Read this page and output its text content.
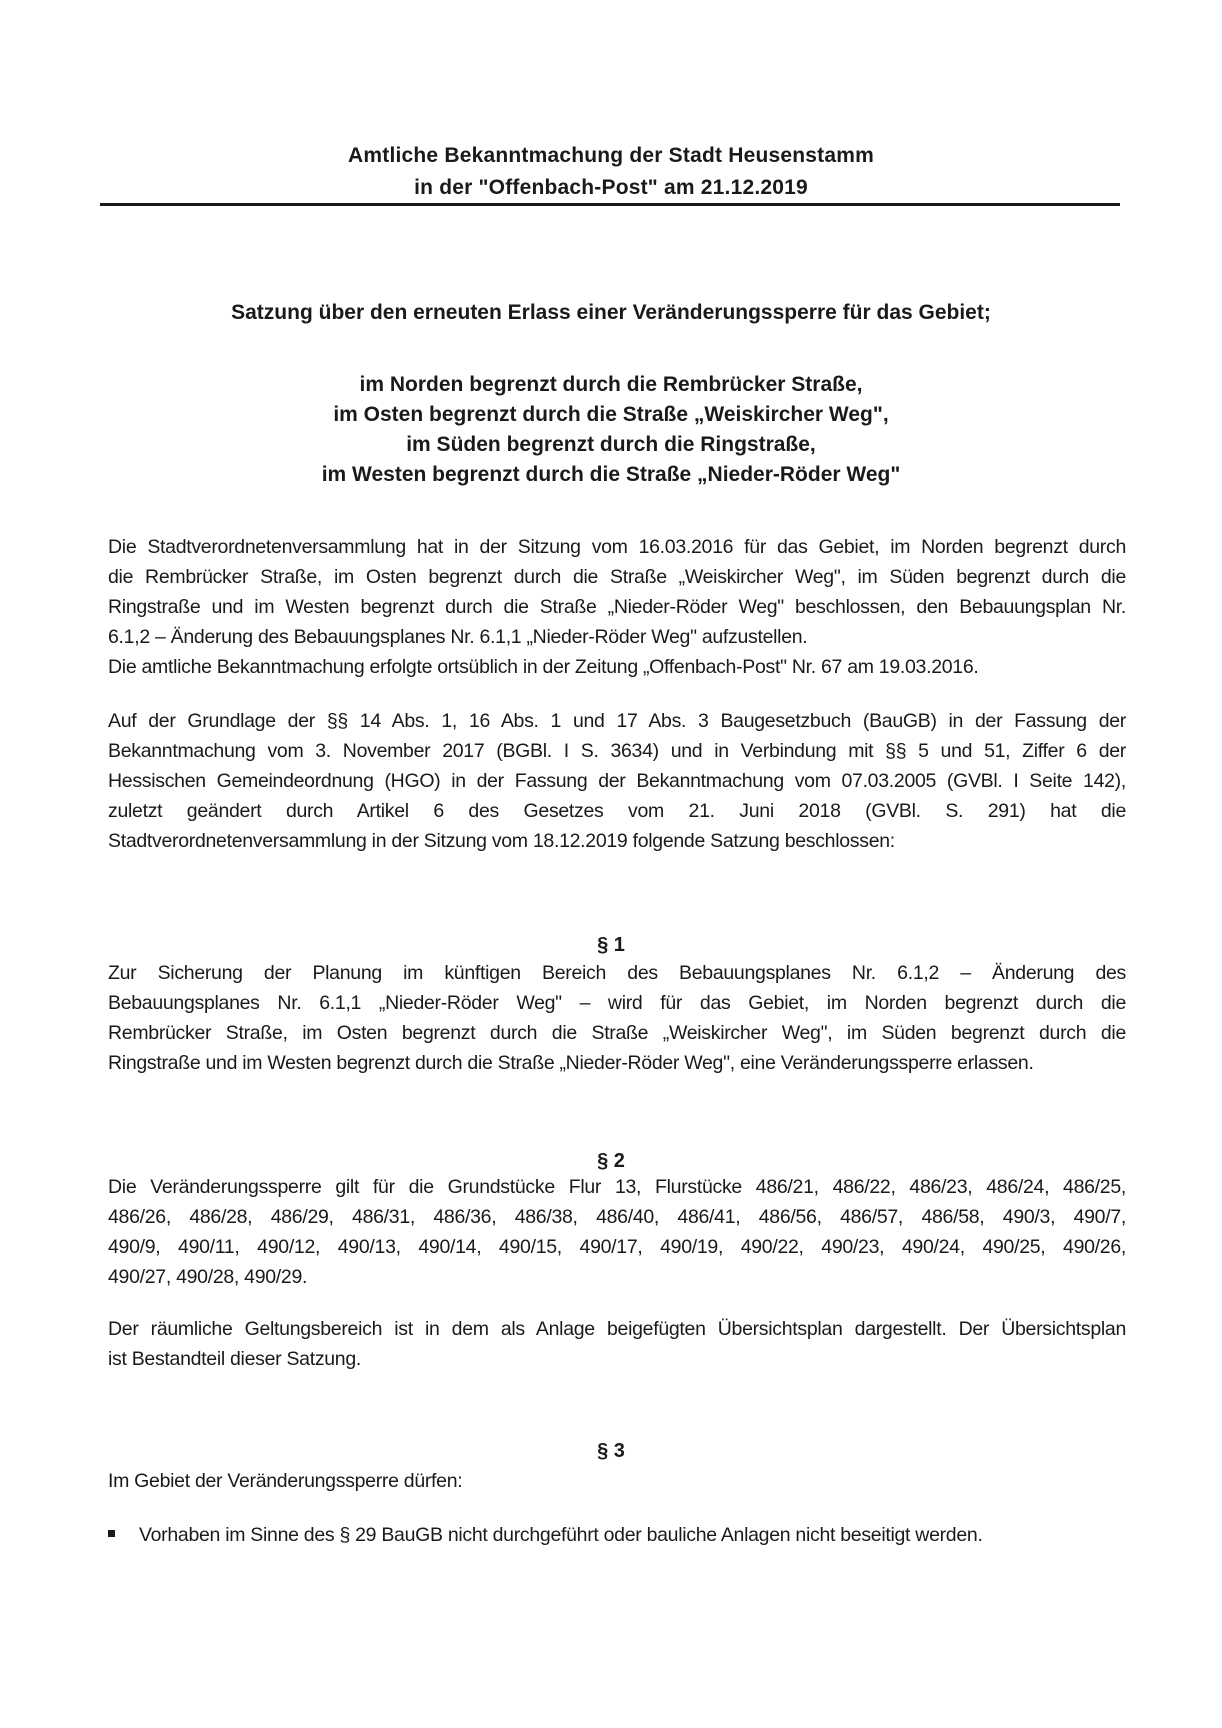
Amtliche Bekanntmachung der Stadt Heusenstamm
in der "Offenbach-Post" am 21.12.2019
Satzung über den erneuten Erlass einer Veränderungssperre für das Gebiet;
im Norden begrenzt durch die Rembrücker Straße,
im Osten begrenzt durch die Straße „Weiskircher Weg",
im Süden begrenzt durch die Ringstraße,
im Westen begrenzt durch die Straße „Nieder-Röder Weg"
Die Stadtverordnetenversammlung hat in der Sitzung vom 16.03.2016 für das Gebiet, im Norden begrenzt durch
die Rembrücker Straße, im Osten begrenzt durch die Straße „Weiskircher Weg", im Süden begrenzt durch die
Ringstraße und im Westen begrenzt durch die Straße „Nieder-Röder Weg" beschlossen, den Bebauungsplan Nr.
6.1,2 – Änderung des Bebauungsplanes Nr. 6.1,1 „Nieder-Röder Weg" aufzustellen.
Die amtliche Bekanntmachung erfolgte ortsüblich in der Zeitung „Offenbach-Post" Nr. 67 am 19.03.2016.
Auf der Grundlage der §§ 14 Abs. 1, 16 Abs. 1 und 17 Abs. 3 Baugesetzbuch (BauGB) in der Fassung der
Bekanntmachung vom 3. November 2017 (BGBl. I S. 3634) und in Verbindung mit §§ 5 und 51, Ziffer 6 der
Hessischen Gemeindeordnung (HGO) in der Fassung der Bekanntmachung vom 07.03.2005 (GVBl. I Seite 142),
zuletzt geändert durch Artikel 6 des Gesetzes vom 21. Juni 2018 (GVBl. S. 291) hat die
Stadtverordnetenversammlung in der Sitzung vom 18.12.2019 folgende Satzung beschlossen:
§ 1
Zur Sicherung der Planung im künftigen Bereich des Bebauungsplanes Nr. 6.1,2 – Änderung des
Bebauungsplanes Nr. 6.1,1 „Nieder-Röder Weg" – wird für das Gebiet, im Norden begrenzt durch die
Rembrücker Straße, im Osten begrenzt durch die Straße „Weiskircher Weg", im Süden begrenzt durch die
Ringstraße und im Westen begrenzt durch die Straße „Nieder-Röder Weg", eine Veränderungssperre erlassen.
§ 2
Die Veränderungssperre gilt für die Grundstücke Flur 13, Flurstücke 486/21, 486/22, 486/23, 486/24, 486/25,
486/26, 486/28, 486/29, 486/31, 486/36, 486/38, 486/40, 486/41, 486/56, 486/57, 486/58, 490/3, 490/7,
490/9, 490/11, 490/12, 490/13, 490/14, 490/15, 490/17, 490/19, 490/22, 490/23, 490/24, 490/25, 490/26,
490/27, 490/28, 490/29.
Der räumliche Geltungsbereich ist in dem als Anlage beigefügten Übersichtsplan dargestellt. Der Übersichtsplan
ist Bestandteil dieser Satzung.
§ 3
Im Gebiet der Veränderungssperre dürfen:
Vorhaben im Sinne des § 29 BauGB nicht durchgeführt oder bauliche Anlagen nicht beseitigt werden.
